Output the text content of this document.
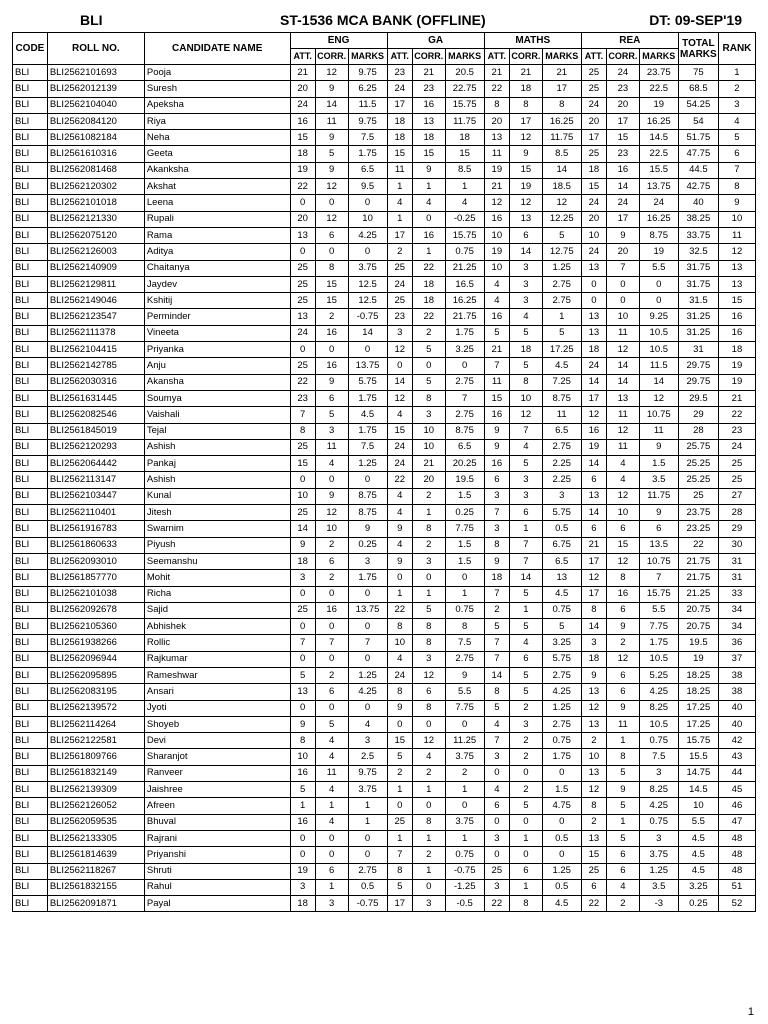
BLI	ST-1536 MCA BANK (OFFLINE)	DT: 09-SEP'19
CODE	ROLL NO.	CANDIDATE NAME	ENG			GA			MATHS			REA			TOTAL MARKS	RANK
			ATT.	CORR.	MARKS	ATT.	CORR.	MARKS	ATT.	CORR.	MARKS	ATT.	CORR.	MARKS		
BLI	BLI2562101693	Pooja	21	12	9.75	23	21	20.5	21	21	21	25	24	23.75	75	1
BLI	BLI2562012139	Suresh	20	9	6.25	24	23	22.75	22	18	17	25	23	22.5	68.5	2
BLI	BLI2562104040	Apeksha	24	14	11.5	17	16	15.75	8	8	8	24	20	19	54.25	3
BLI	BLI2562084120	Riya	16	11	9.75	18	13	11.75	20	17	16.25	20	17	16.25	54	4
BLI	BLI2561082184	Neha	15	9	7.5	18	18	18	13	12	11.75	17	15	14.5	51.75	5
BLI	BLI2561610316	Geeta	18	5	1.75	15	15	15	11	9	8.5	25	23	22.5	47.75	6
BLI	BLI2562081468	Akanksha	19	9	6.5	11	9	8.5	19	15	14	18	16	15.5	44.5	7
BLI	BLI2562120302	Akshat	22	12	9.5	1	1	1	21	19	18.5	15	14	13.75	42.75	8
BLI	BLI2562101018	Leena	0	0	0	4	4	4	12	12	12	24	24	24	40	9
BLI	BLI2562121330	Rupali	20	12	10	1	0	-0.25	16	13	12.25	20	17	16.25	38.25	10
BLI	BLI2562075120	Rama	13	6	4.25	17	16	15.75	10	6	5	10	9	8.75	33.75	11
BLI	BLI2562126003	Aditya	0	0	0	2	1	0.75	19	14	12.75	24	20	19	32.5	12
BLI	BLI2562140909	Chaitanya	25	8	3.75	25	22	21.25	10	3	1.25	13	7	5.5	31.75	13
BLI	BLI2562129811	Jaydev	25	15	12.5	24	18	16.5	4	3	2.75	0	0	0	31.75	13
BLI	BLI2562149046	Kshitij	25	15	12.5	25	18	16.25	4	3	2.75	0	0	0	31.5	15
BLI	BLI2562123547	Perminder	13	2	-0.75	23	22	21.75	16	4	1	13	10	9.25	31.25	16
BLI	BLI2562111378	Vineeta	24	16	14	3	2	1.75	5	5	5	13	11	10.5	31.25	16
BLI	BLI2562104415	Priyanka	0	0	0	12	5	3.25	21	18	17.25	18	12	10.5	31	18
BLI	BLI2562142785	Anju	25	16	13.75	0	0	0	7	5	4.5	24	14	11.5	29.75	19
BLI	BLI2562030316	Akansha	22	9	5.75	14	5	2.75	11	8	7.25	14	14	14	29.75	19
BLI	BLI2561631445	Soumya	23	6	1.75	12	8	7	15	10	8.75	17	13	12	29.5	21
BLI	BLI2562082546	Vaishali	7	5	4.5	4	3	2.75	16	12	11	12	11	10.75	29	22
BLI	BLI2561845019	Tejal	8	3	1.75	15	10	8.75	9	7	6.5	16	12	11	28	23
BLI	BLI2562120293	Ashish	25	11	7.5	24	10	6.5	9	4	2.75	19	11	9	25.75	24
BLI	BLI2562064442	Pankaj	15	4	1.25	24	21	20.25	16	5	2.25	14	4	1.5	25.25	25
BLI	BLI2562113147	Ashish	0	0	0	22	20	19.5	6	3	2.25	6	4	3.5	25.25	25
BLI	BLI2562103447	Kunal	10	9	8.75	4	2	1.5	3	3	3	13	12	11.75	25	27
BLI	BLI2562110401	Jitesh	25	12	8.75	4	1	0.25	7	6	5.75	14	10	9	23.75	28
BLI	BLI2561916783	Swarnim	14	10	9	9	8	7.75	3	1	0.5	6	6	6	23.25	29
BLI	BLI2561860633	Piyush	9	2	0.25	4	2	1.5	8	7	6.75	21	15	13.5	22	30
BLI	BLI2562093010	Seemanshu	18	6	3	9	3	1.5	9	7	6.5	17	12	10.75	21.75	31
BLI	BLI2561857770	Mohit	3	2	1.75	0	0	0	18	14	13	12	8	7	21.75	31
BLI	BLI2562101038	Richa	0	0	0	1	1	1	7	5	4.5	17	16	15.75	21.25	33
BLI	BLI2562092678	Sajid	25	16	13.75	22	5	0.75	2	1	0.75	8	6	5.5	20.75	34
BLI	BLI2562105360	Abhishek	0	0	0	8	8	8	5	5	5	14	9	7.75	20.75	34
BLI	BLI2561938266	Rollic	7	7	7	10	8	7.5	7	4	3.25	3	2	1.75	19.5	36
BLI	BLI2562096944	Rajkumar	0	0	0	4	3	2.75	7	6	5.75	18	12	10.5	19	37
BLI	BLI2562095895	Rameshwar	5	2	1.25	24	12	9	14	5	2.75	9	6	5.25	18.25	38
BLI	BLI2562083195	Ansari	13	6	4.25	8	6	5.5	8	5	4.25	13	6	4.25	18.25	38
BLI	BLI2562139572	Jyoti	0	0	0	9	8	7.75	5	2	1.25	12	9	8.25	17.25	40
BLI	BLI2562114264	Shoyeb	9	5	4	0	0	0	4	3	2.75	13	11	10.5	17.25	40
BLI	BLI2562122581	Devi	8	4	3	15	12	11.25	7	2	0.75	2	1	0.75	15.75	42
BLI	BLI2561809766	Sharanjot	10	4	2.5	5	4	3.75	3	2	1.75	10	8	7.5	15.5	43
BLI	BLI2561832149	Ranveer	16	11	9.75	2	2	2	0	0	0	13	5	3	14.75	44
BLI	BLI2562139309	Jaishree	5	4	3.75	1	1	1	4	2	1.5	12	9	8.25	14.5	45
BLI	BLI2562126052	Afreen	1	1	1	0	0	0	6	5	4.75	8	5	4.25	10	46
BLI	BLI2562059535	Bhuval	16	4	1	25	8	3.75	0	0	0	2	1	0.75	5.5	47
BLI	BLI2562133305	Rajrani	0	0	0	1	1	1	3	1	0.5	13	5	3	4.5	48
BLI	BLI2561814639	Priyanshi	0	0	0	7	2	0.75	0	0	0	15	6	3.75	4.5	48
BLI	BLI2562118267	Shruti	19	6	2.75	8	1	-0.75	25	6	1.25	25	6	1.25	4.5	48
BLI	BLI2561832155	Rahul	3	1	0.5	5	0	-1.25	3	1	0.5	6	4	3.5	3.25	51
BLI	BLI2562091871	Payal	18	3	-0.75	17	3	-0.5	22	8	4.5	22	2	-3	0.25	52
1
